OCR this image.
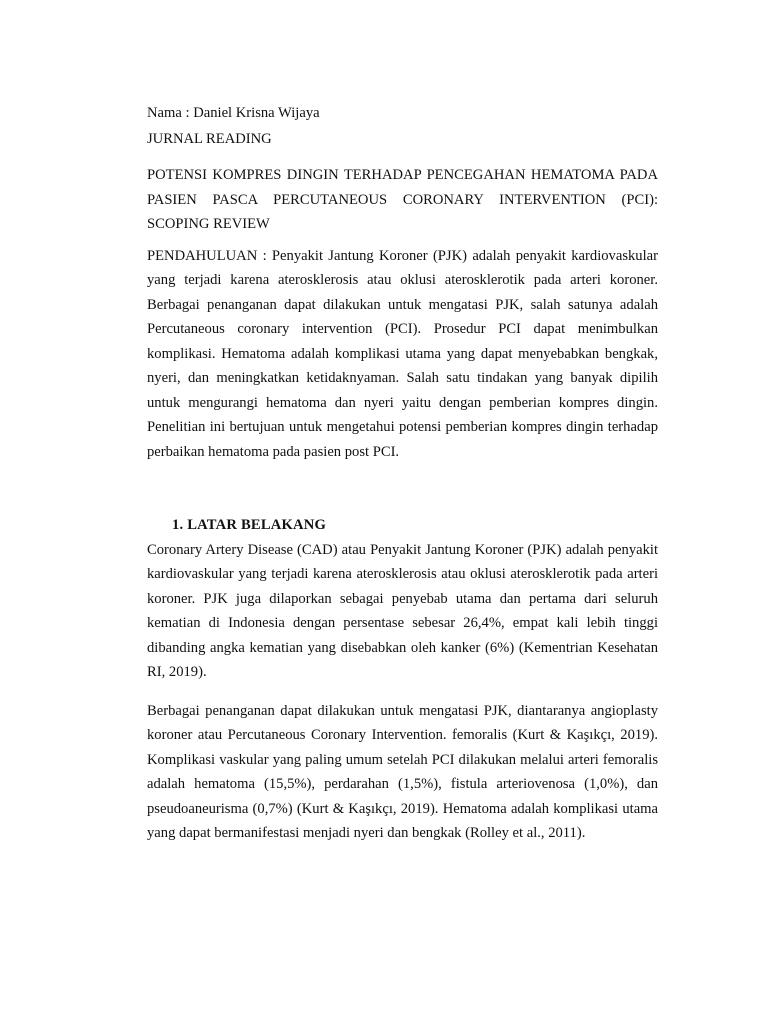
Nama : Daniel Krisna Wijaya

JURNAL READING

POTENSI KOMPRES DINGIN TERHADAP PENCEGAHAN HEMATOMA PADA PASIEN PASCA PERCUTANEOUS CORONARY INTERVENTION (PCI): SCOPING REVIEW

PENDAHULUAN : Penyakit Jantung Koroner (PJK) adalah penyakit kardiovaskular yang terjadi karena aterosklerosis atau oklusi aterosklerotik pada arteri koroner. Berbagai penanganan dapat dilakukan untuk mengatasi PJK, salah satunya adalah Percutaneous coronary intervention (PCI). Prosedur PCI dapat menimbulkan komplikasi. Hematoma adalah komplikasi utama yang dapat menyebabkan bengkak, nyeri, dan meningkatkan ketidaknyaman. Salah satu tindakan yang banyak dipilih untuk mengurangi hematoma dan nyeri yaitu dengan pemberian kompres dingin. Penelitian ini bertujuan untuk mengetahui potensi pemberian kompres dingin terhadap perbaikan hematoma pada pasien post PCI.

1. LATAR BELAKANG

Coronary Artery Disease (CAD) atau Penyakit Jantung Koroner (PJK) adalah penyakit kardiovaskular yang terjadi karena aterosklerosis atau oklusi aterosklerotik pada arteri koroner. PJK juga dilaporkan sebagai penyebab utama dan pertama dari seluruh kematian di Indonesia dengan persentase sebesar 26,4%, empat kali lebih tinggi dibanding angka kematian yang disebabkan oleh kanker (6%) (Kementrian Kesehatan RI, 2019).

Berbagai penanganan dapat dilakukan untuk mengatasi PJK, diantaranya angioplasty koroner atau Percutaneous Coronary Intervention. femoralis (Kurt & Kaşıkçı, 2019). Komplikasi vaskular yang paling umum setelah PCI dilakukan melalui arteri femoralis adalah hematoma (15,5%), perdarahan (1,5%), fistula arteriovenosa (1,0%), dan pseudoaneurisma (0,7%) (Kurt & Kaşıkçı, 2019). Hematoma adalah komplikasi utama yang dapat bermanifestasi menjadi nyeri dan bengkak (Rolley et al., 2011).
